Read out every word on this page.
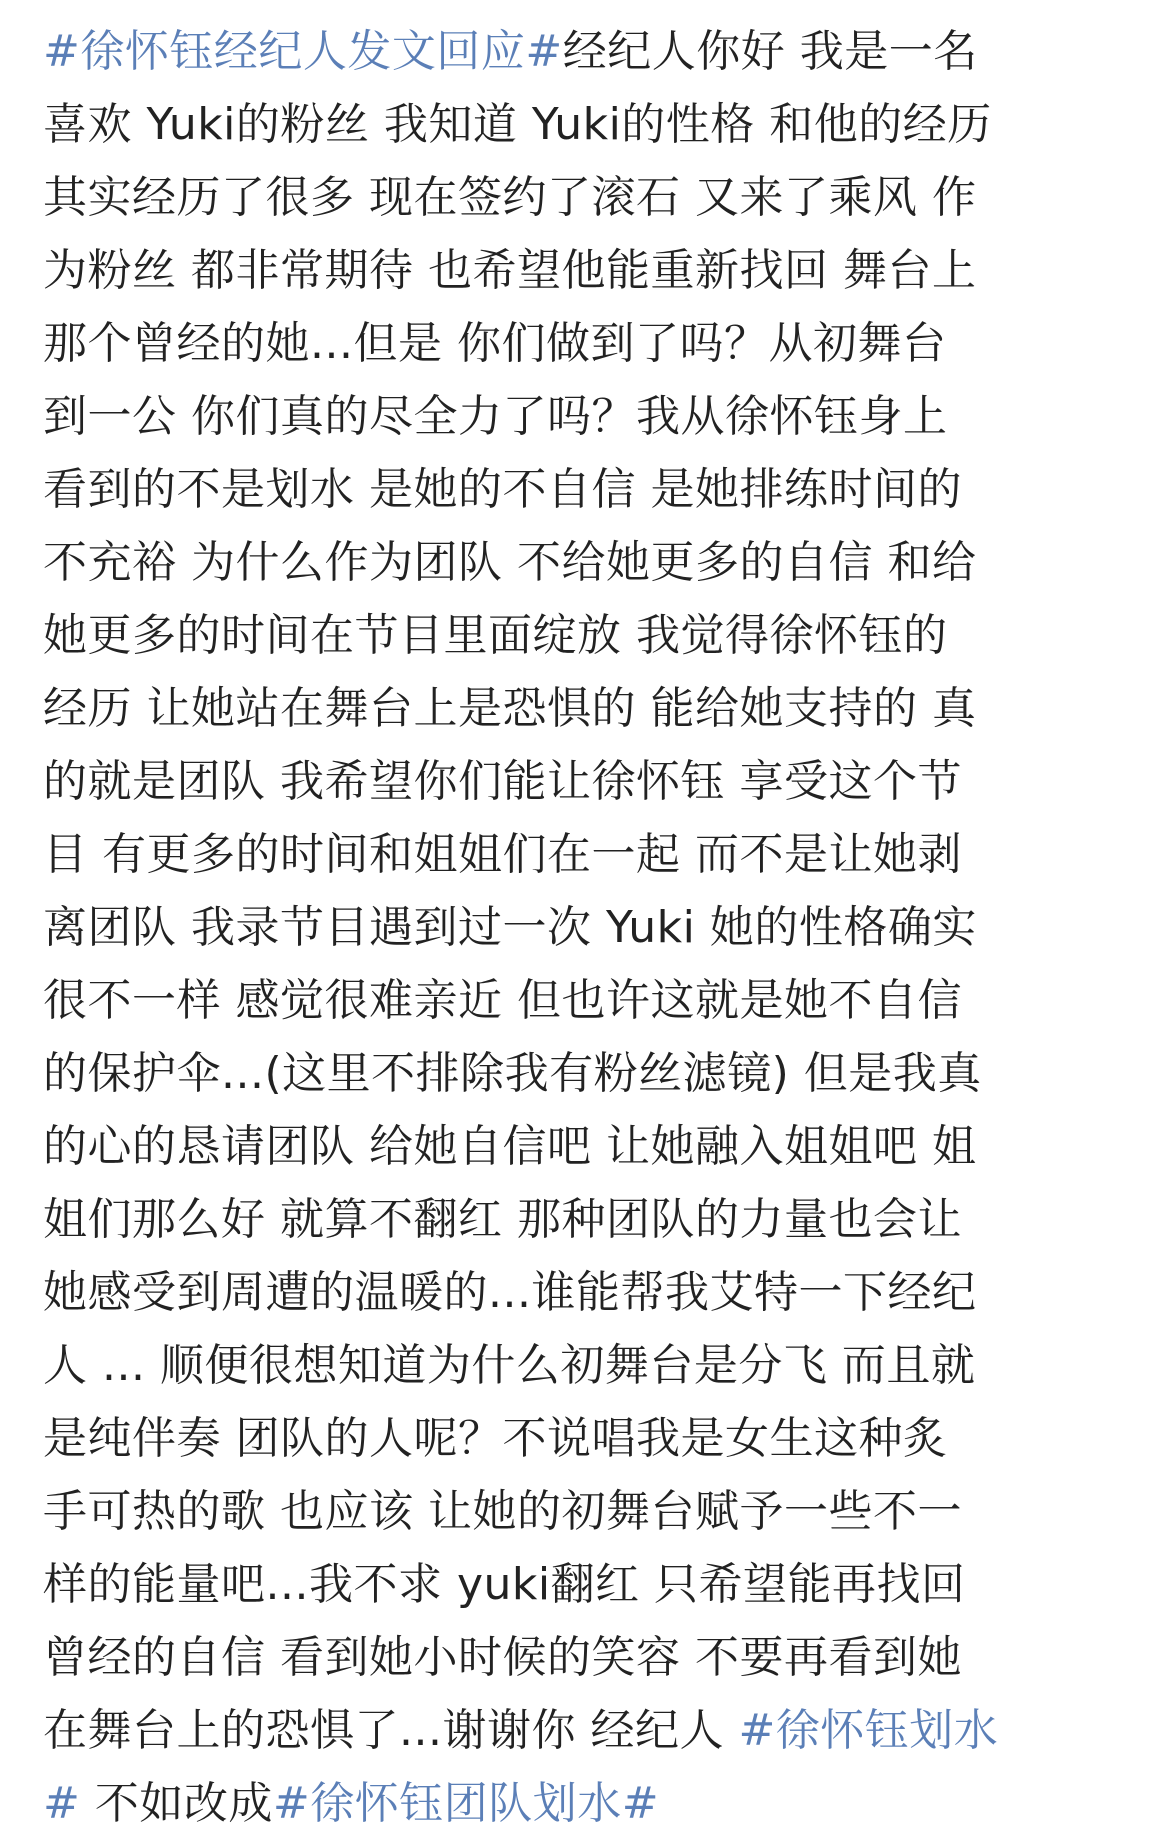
#徐怀钰经纪人发文回应#经纪人你好 我是一名
喜欢 Yuki的粉丝 我知道 Yuki的性格 和他的经历
其实经历了很多 现在签约了滚石 又来了乘风 作
为粉丝 都非常期待 也希望他能重新找回 舞台上
那个曾经的她...但是 你们做到了吗？从初舞台
到一公 你们真的尽全力了吗？我从徐怀钰身上
看到的不是划水 是她的不自信 是她排练时间的
不充裕 为什么作为团队 不给她更多的自信 和给
她更多的时间在节目里面绽放 我觉得徐怀钰的
经历 让她站在舞台上是恐惧的 能给她支持的 真
的就是团队 我希望你们能让徐怀钰 享受这个节
目 有更多的时间和姐姐们在一起 而不是让她剥
离团队 我录节目遇到过一次 Yuki 她的性格确实
很不一样 感觉很难亲近 但也许这就是她不自信
的保护伞...(这里不排除我有粉丝滤镜) 但是我真
的心的恳请团队 给她自信吧 让她融入姐姐吧 姐
姐们那么好 就算不翻红 那种团队的力量也会让
她感受到周遭的温暖的...谁能帮我艾特一下经纪
人 ... 顺便很想知道为什么初舞台是分飞 而且就
是纯伴奏 团队的人呢？不说唱我是女生这种炙
手可热的歌 也应该 让她的初舞台赋予一些不一
样的能量吧...我不求 yuki翻红 只希望能再找回
曾经的自信 看到她小时候的笑容 不要再看到她
在舞台上的恐惧了...谢谢你 经纪人 #徐怀钰划水
# 不如改成#徐怀钰团队划水#
